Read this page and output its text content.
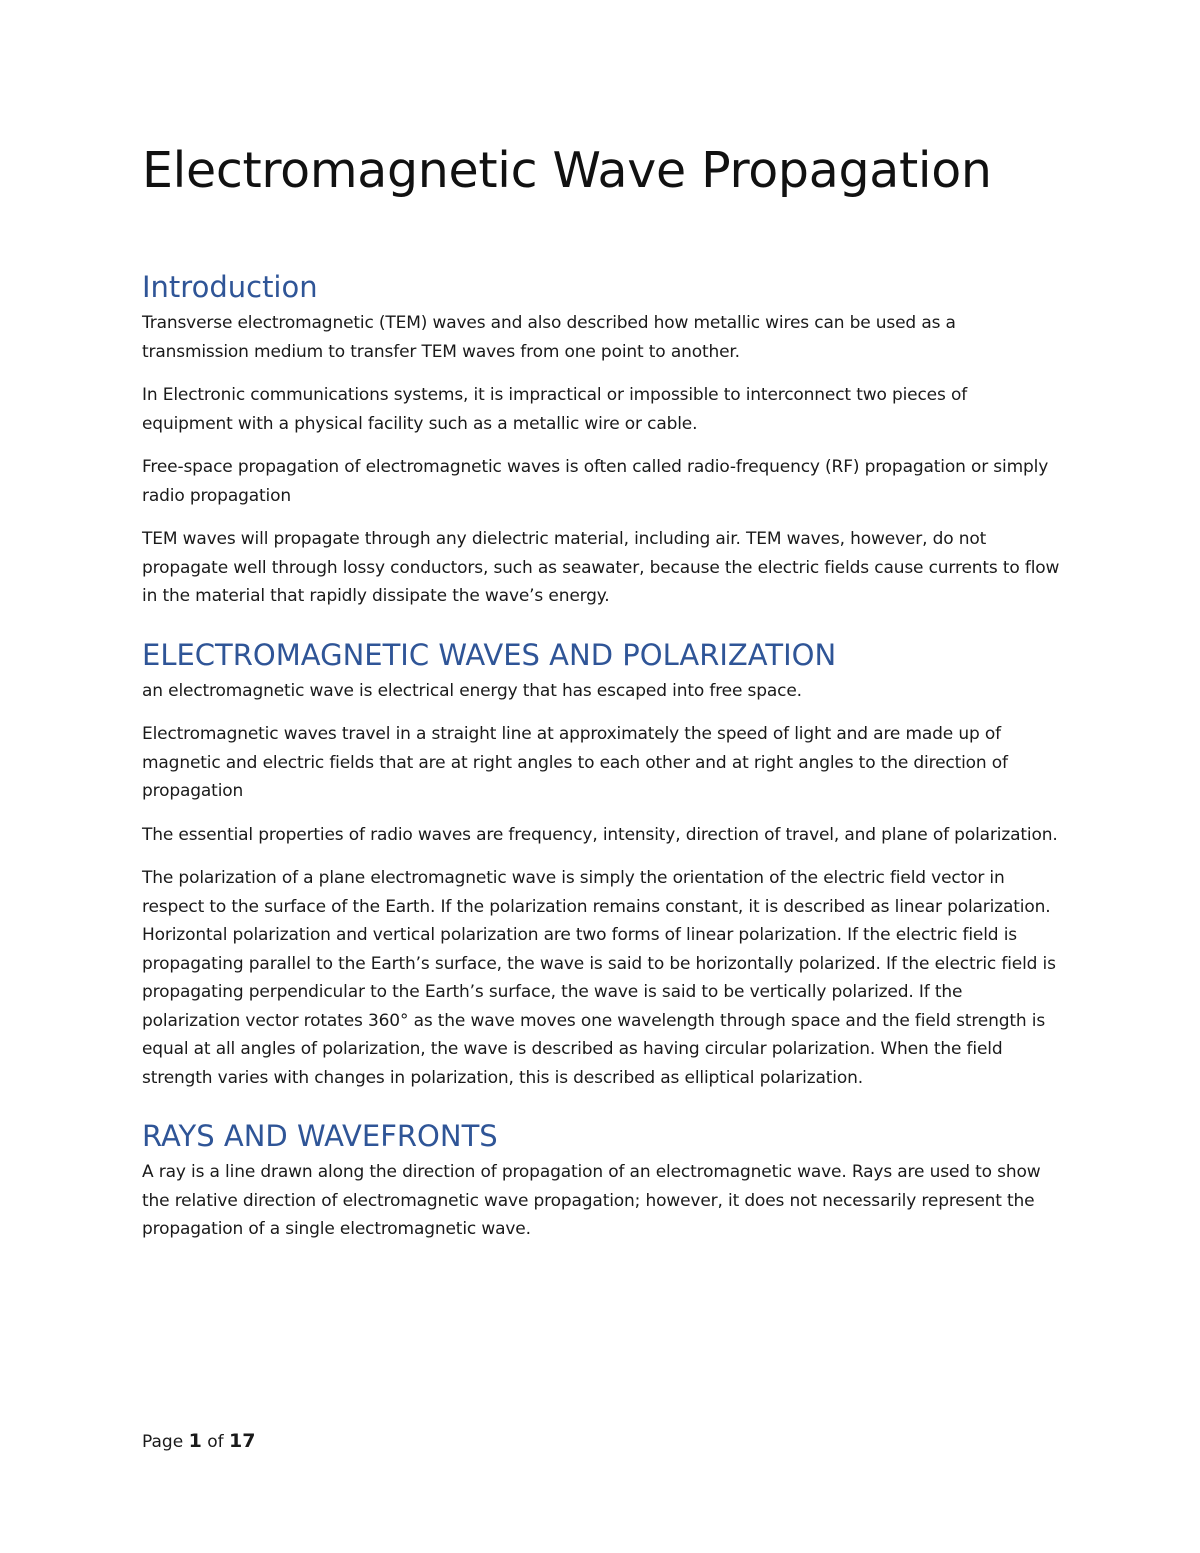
Electromagnetic Wave Propagation
Introduction

Transverse electromagnetic (TEM) waves and also described how metallic wires can be used as a transmission medium to transfer TEM waves from one point to another.

In Electronic communications systems, it is impractical or impossible to interconnect two pieces of equipment with a physical facility such as a metallic wire or cable.

Free-space propagation of electromagnetic waves is often called radio-frequency (RF) propagation or simply radio propagation

TEM waves will propagate through any dielectric material, including air. TEM waves, however, do not propagate well through lossy conductors, such as seawater, because the electric fields cause currents to flow in the material that rapidly dissipate the wave’s energy.

ELECTROMAGNETIC WAVES AND POLARIZATION

an electromagnetic wave is electrical energy that has escaped into free space.

Electromagnetic waves travel in a straight line at approximately the speed of light and are made up of magnetic and electric fields that are at right angles to each other and at right angles to the direction of propagation

The essential properties of radio waves are frequency, intensity, direction of travel, and plane of polarization.

The polarization of a plane electromagnetic wave is simply the orientation of the electric field vector in respect to the surface of the Earth. If the polarization remains constant, it is described as linear polarization. Horizontal polarization and vertical polarization are two forms of linear polarization. If the electric field is propagating parallel to the Earth’s surface, the wave is said to be horizontally polarized. If the electric field is propagating perpendicular to the Earth’s surface, the wave is said to be vertically polarized. If the polarization vector rotates 360° as the wave moves one wavelength through space and the field strength is equal at all angles of polarization, the wave is described as having circular polarization. When the field strength varies with changes in polarization, this is described as elliptical polarization.

RAYS AND WAVEFRONTS

A ray is a line drawn along the direction of propagation of an electromagnetic wave. Rays are used to show the relative direction of electromagnetic wave propagation; however, it does not necessarily represent the propagation of a single electromagnetic wave.

Page 1 of 17
